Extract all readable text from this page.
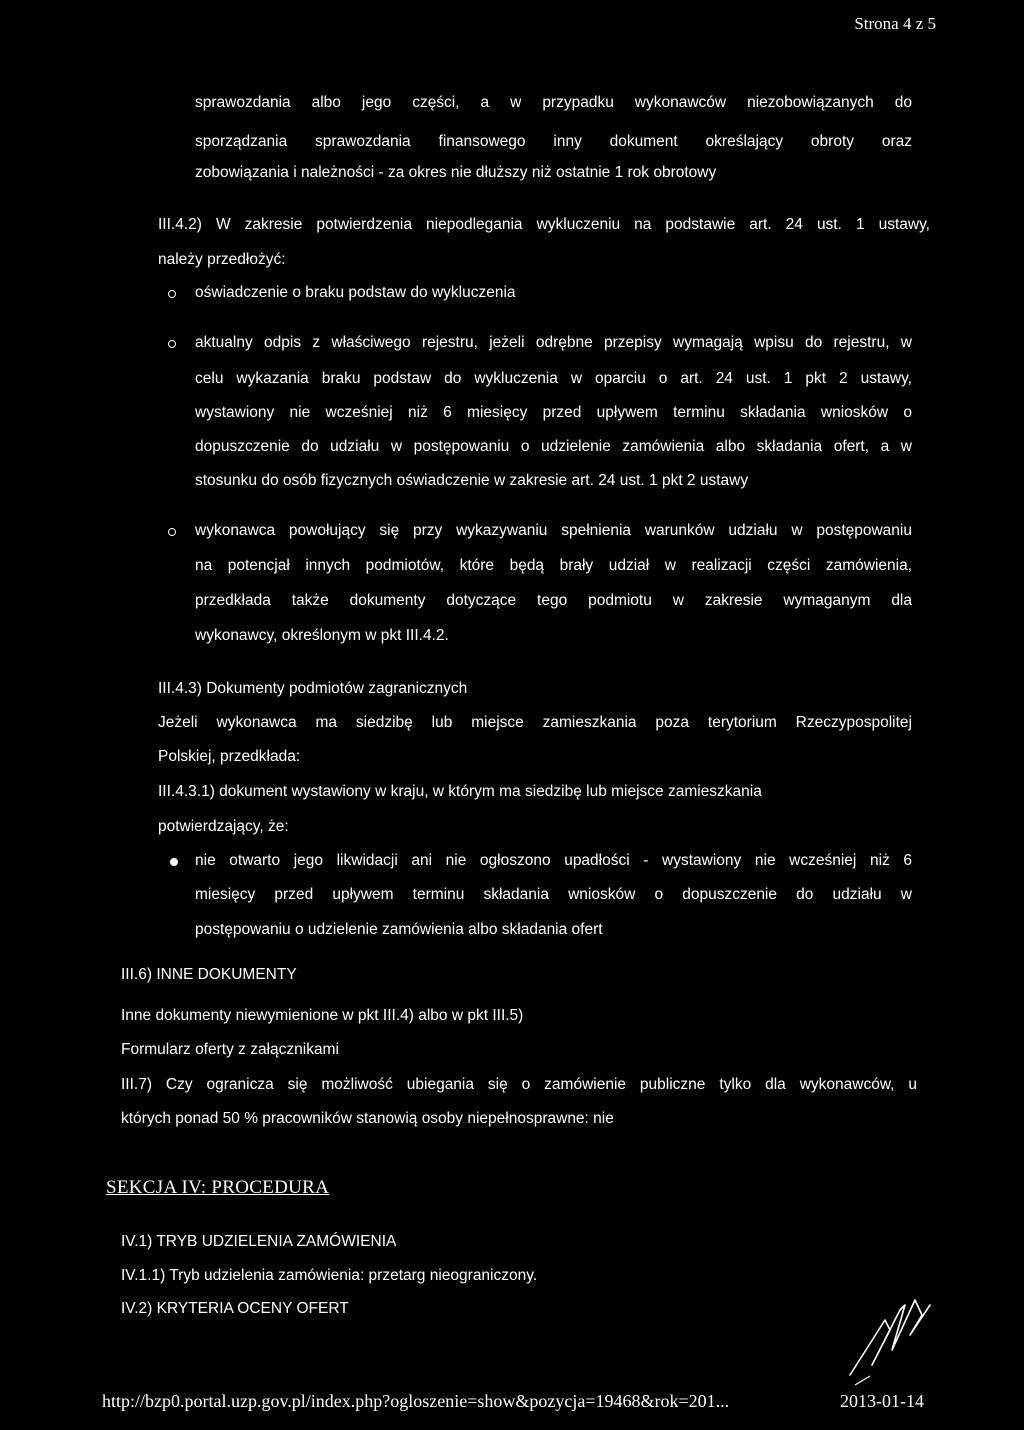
Strona 4 z 5
sprawozdania albo jego części, a w przypadku wykonawców niezobowiązanych do
sporządzania sprawozdania finansowego inny dokument określający obroty oraz
zobowiązania i należności - za okres nie dłuższy niż ostatnie 1 rok obrotowy
III.4.2) W zakresie potwierdzenia niepodlegania wykluczeniu na podstawie art. 24 ust. 1 ustawy,
należy przedłożyć:
oświadczenie o braku podstaw do wykluczenia
aktualny odpis z właściwego rejestru, jeżeli odrębne przepisy wymagają wpisu do rejestru, w
celu wykazania braku podstaw do wykluczenia w oparciu o art. 24 ust. 1 pkt 2 ustawy,
wystawiony nie wcześniej niż 6 miesięcy przed upływem terminu składania wniosków o
dopuszczenie do udziału w postępowaniu o udzielenie zamówienia albo składania ofert, a w
stosunku do osób fizycznych oświadczenie w zakresie art. 24 ust. 1 pkt 2 ustawy
wykonawca powołujący się przy wykazywaniu spełnienia warunków udziału w postępowaniu
na potencjał innych podmiotów, które będą brały udział w realizacji części zamówienia,
przedkłada także dokumenty dotyczące tego podmiotu w zakresie wymaganym dla
wykonawcy, określonym w pkt III.4.2.
III.4.3) Dokumenty podmiotów zagranicznych
Jeżeli wykonawca ma siedzibę lub miejsce zamieszkania poza terytorium Rzeczypospolitej
Polskiej, przedkłada:
III.4.3.1) dokument wystawiony w kraju, w którym ma siedzibę lub miejsce zamieszkania
potwierdzający, że:
nie otwarto jego likwidacji ani nie ogłoszono upadłości - wystawiony nie wcześniej niż 6
miesięcy przed upływem terminu składania wniosków o dopuszczenie do udziału w
postępowaniu o udzielenie zamówienia albo składania ofert
III.6) INNE DOKUMENTY
Inne dokumenty niewymienione w pkt III.4) albo w pkt III.5)
Formularz oferty z załącznikami
III.7) Czy ogranicza się możliwość ubiegania się o zamówienie publiczne tylko dla wykonawców, u
których ponad 50 % pracowników stanowią osoby niepełnosprawne: nie
SEKCJA IV: PROCEDURA
IV.1) TRYB UDZIELENIA ZAMÓWIENIA
IV.1.1) Tryb udzielenia zamówienia: przetarg nieograniczony.
IV.2) KRYTERIA OCENY OFERT
http://bzp0.portal.uzp.gov.pl/index.php?ogloszenie=show&pozycja=19468&rok=201...	2013-01-14
